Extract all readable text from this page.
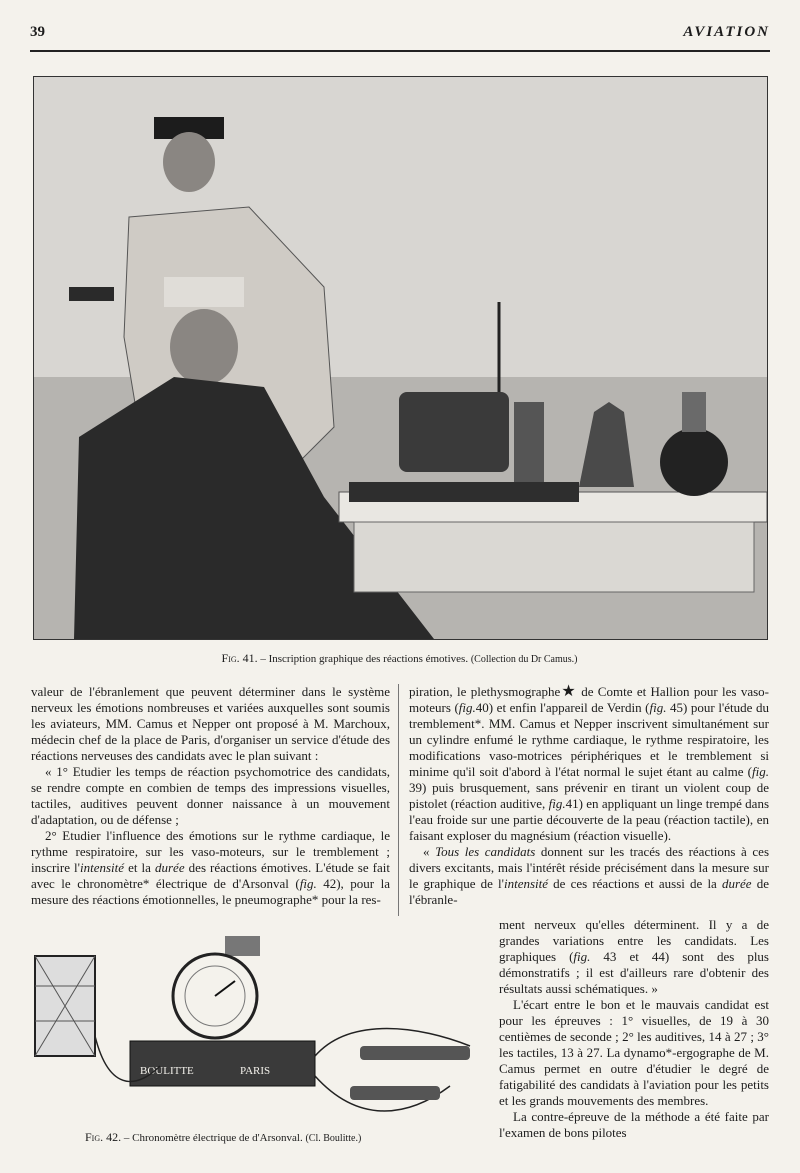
39	AVIATION
Fig. 41. – Inscription graphique des réactions émotives. (Collection du Dr Camus.)

valeur de l'ébranlement que peuvent déterminer dans le système nerveux les émotions nombreuses et variées auxquelles sont soumis les aviateurs, MM. Camus et Nepper ont proposé à M. Marchoux, médecin chef de la place de Paris, d'organiser un service d'étude des réactions nerveuses des candidats avec le plan suivant :

« 1° Etudier les temps de réaction psychomotrice des candidats, se rendre compte en combien de temps des impressions visuelles, tactiles, auditives peuvent donner naissance à un mouvement d'adaptation, ou de défense ;

2° Etudier l'influence des émotions sur le rythme cardiaque, le rythme respiratoire, sur les vaso-moteurs, sur le tremblement ; inscrire l'intensité et la durée des réactions émotives. L'étude se fait avec le chronomètre* électrique de d'Arsonval (fig. 42), pour la mesure des réactions émotionnelles, le pneumographe* pour la res-

piration, le plethysmographe★ de Comte et Hallion pour les vaso-moteurs (fig.40) et enfin l'appareil de Verdin (fig. 45) pour l'étude du tremblement*. MM. Camus et Nepper inscrivent simultanément sur un cylindre enfumé le rythme cardiaque, le rythme respiratoire, les modifications vaso-motrices périphériques et le tremblement si minime qu'il soit d'abord à l'état normal le sujet étant au calme (fig. 39) puis brusquement, sans prévenir en tirant un violent coup de pistolet (réaction auditive, fig.41) en appliquant un linge trempé dans l'eau froide sur une partie découverte de la peau (réaction tactile), en faisant exploser du magnésium (réaction visuelle).

« Tous les candidats donnent sur les tracés des réactions à ces divers excitants, mais l'intérêt réside précisément dans la mesure sur le graphique de l'intensité de ces réactions et aussi de la durée de l'ébranle-

ment nerveux qu'elles déterminent. Il y a de grandes variations entre les candidats. Les graphiques (fig. 43 et 44) sont des plus démonstratifs ; il est d'ailleurs rare d'obtenir des résultats aussi schématiques. »

L'écart entre le bon et le mauvais candidat est pour les épreuves : 1° visuelles, de 19 à 30 centièmes de seconde ; 2° les auditives, 14 à 27 ; 3° les tactiles, 13 à 27. La dynamo*-ergographe de M. Camus permet en outre d'étudier le degré de fatigabilité des candidats à l'aviation pour les petits et les grands mouvements des membres.

La contre-épreuve de la méthode a été faite par l'examen de bons pilotes

BOULITTE	PARIS
Fig. 42. – Chronomètre électrique de d'Arsonval. (Cl. Boulitte.)
